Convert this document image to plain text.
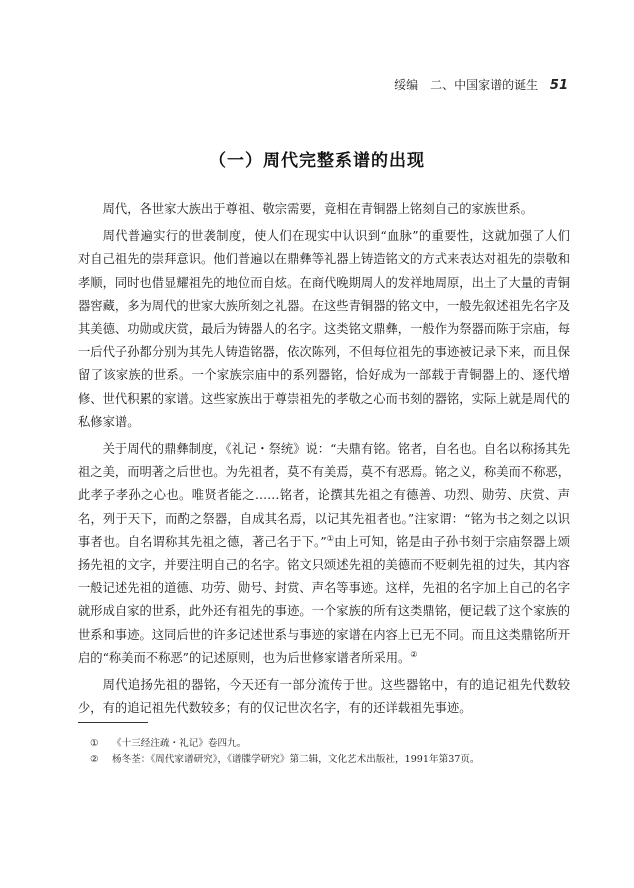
绥编　二、中国家谱的诞生 51
（一）周代完整系谱的出现

周代，各世家大族出于尊祖、敬宗需要，竟相在青铜器上铭刻自己的家族世系。

周代普遍实行的世袭制度，使人们在现实中认识到“血脉”的重要性，这就加强了人们对自己祖先的崇拜意识。他们普遍以在鼎彝等礼器上铸造铭文的方式来表达对祖先的崇敬和孝顺，同时也借显耀祖先的地位而自炫。在商代晚期周人的发祥地周原，出土了大量的青铜器窖藏，多为周代的世家大族所刻之礼器。在这些青铜器的铭文中，一般先叙述祖先名字及其美德、功勋或庆赏，最后为铸器人的名字。这类铭文鼎彝，一般作为祭器而陈于宗庙，每一后代子孙都分别为其先人铸造铭器，依次陈列，不但每位祖先的事迹被记录下来，而且保留了该家族的世系。一个家族宗庙中的系列器铭，恰好成为一部载于青铜器上的、逐代增修、世代积累的家谱。这些家族出于尊崇祖先的孝敬之心而书刻的器铭，实际上就是周代的私修家谱。

关于周代的鼎彝制度，《礼记・祭统》说：“夫鼎有铭。铭者，自名也。自名以称扬其先祖之美，而明著之后世也。为先祖者，莫不有美焉，莫不有恶焉。铭之义，称美而不称恶，此孝子孝孙之心也。唯贤者能之……铭者，论撰其先祖之有德善、功烈、勋劳、庆赏、声名，列于天下，而酌之祭器，自成其名焉，以记其先祖者也。”注家谓：“铭为书之刻之以识事者也。自名谓称其先祖之德，著己名于下。”①由上可知，铭是由子孙书刻于宗庙祭器上颂扬先祖的文字，并要注明自己的名字。铭文只颂述先祖的美德而不贬刺先祖的过失，其内容一般记述先祖的道德、功劳、勋号、封赏、声名等事迹。这样，先祖的名字加上自己的名字就形成自家的世系，此外还有祖先的事迹。一个家族的所有这类鼎铭，便记载了这个家族的世系和事迹。这同后世的许多记述世系与事迹的家谱在内容上已无不同。而且这类鼎铭所开启的“称美而不称恶”的记述原则，也为后世修家谱者所采用。②

周代追扬先祖的器铭，今天还有一部分流传于世。这些器铭中，有的追记祖先代数较少，有的追记祖先代数较多；有的仅记世次名字，有的还详载祖先事迹。

① 《十三经注疏・礼记》卷四九。

② 杨冬荃：《周代家谱研究》，《谱牒学研究》第二辑，文化艺术出版社，1991年第37页。
